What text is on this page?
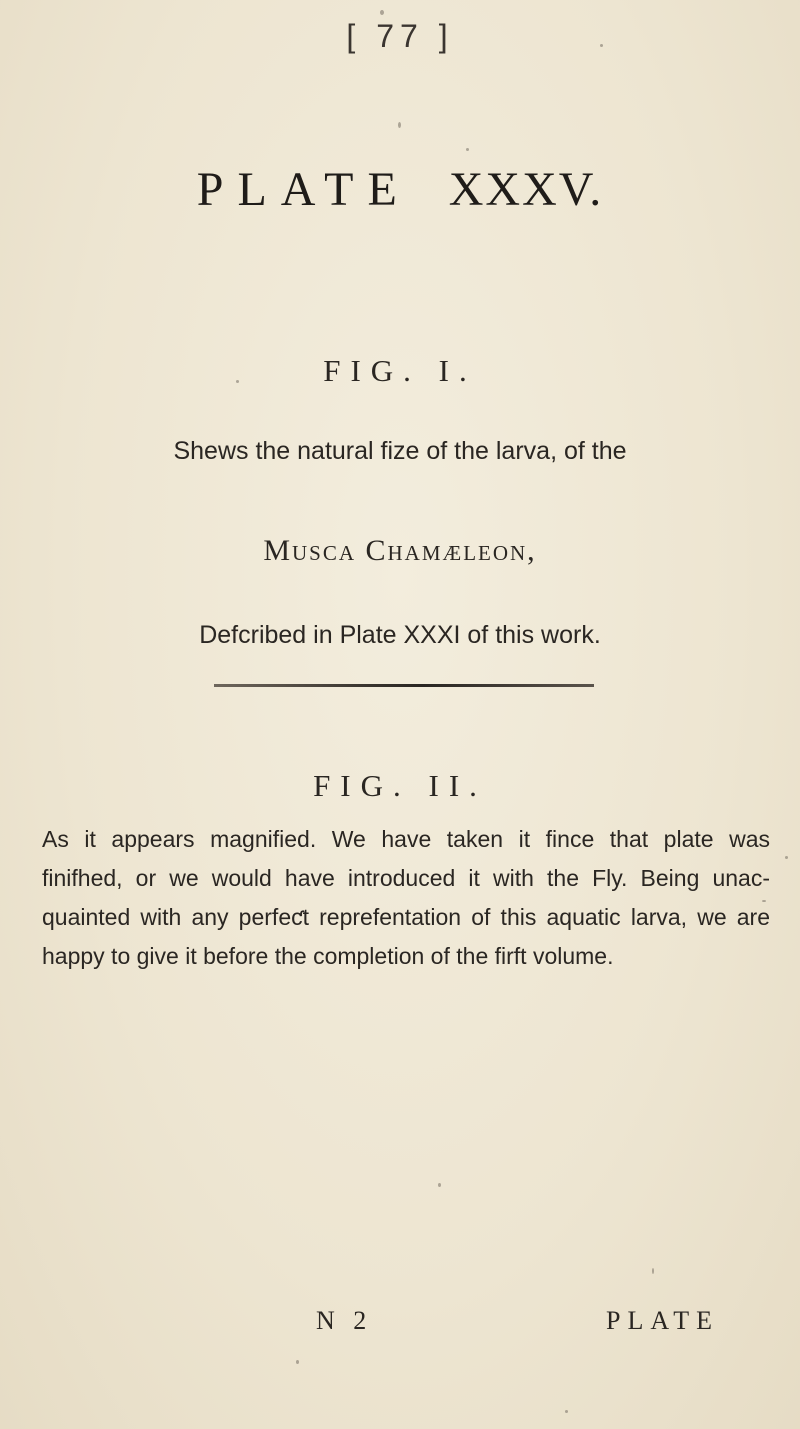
[ 77 ]
PLATE XXXV.
FIG. I.
Shews the natural fize of the larva, of the
Musca Chamæleon,
Defcribed in Plate XXXI of this work.
FIG. II.
As it appears magnified. We have taken it fince that plate was
finifhed, or we would have introduced it with the Fly. Being unac-
quainted with any perfeƈt reprefentation of this aquatic larva, we are
happy to give it before the completion of the firft volume.
N 2	PLATE
